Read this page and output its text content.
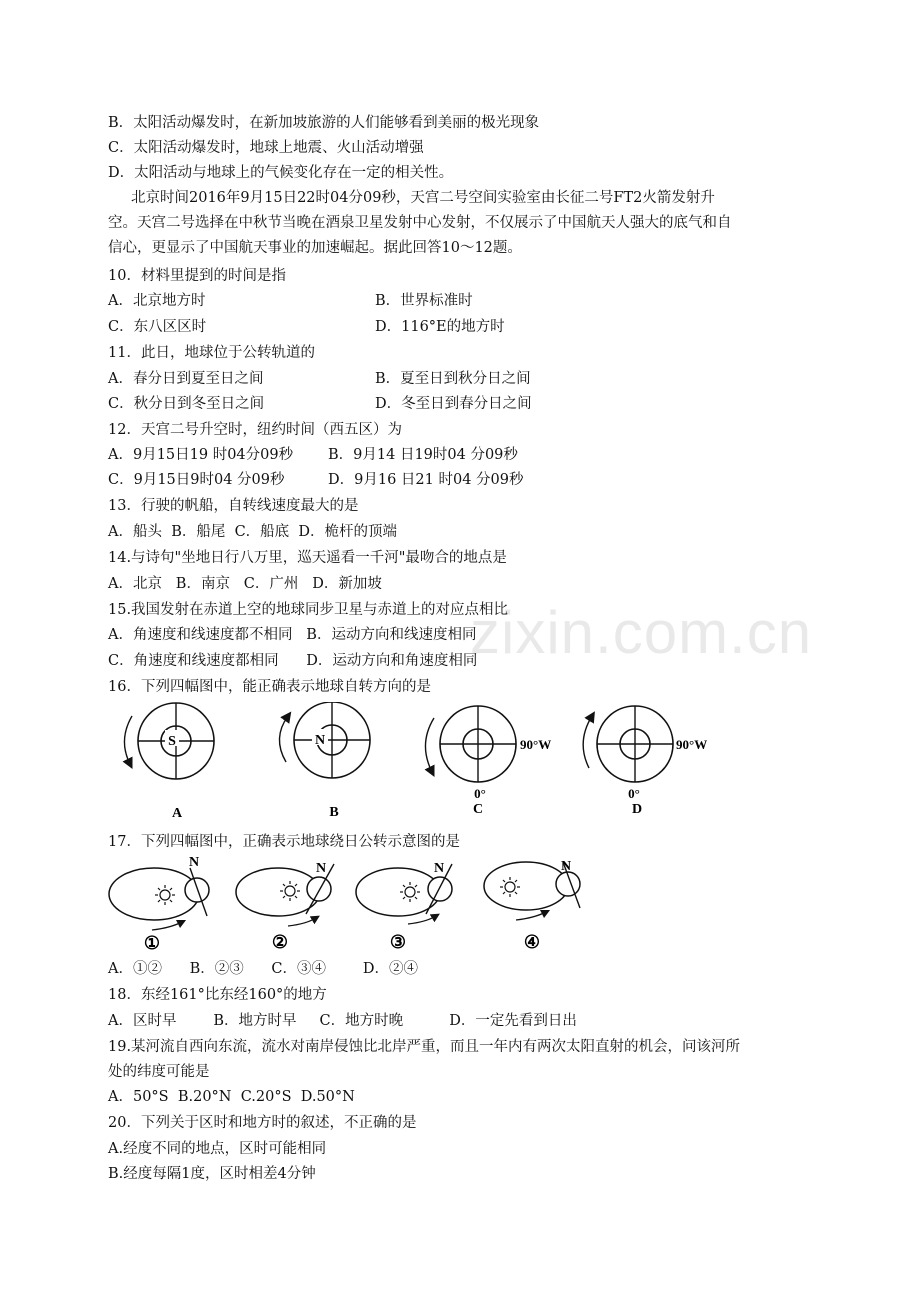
zixin.com.cn
B．太阳活动爆发时，在新加坡旅游的人们能够看到美丽的极光现象
C．太阳活动爆发时，地球上地震、火山活动增强
D．太阳活动与地球上的气候变化存在一定的相关性。
北京时间2016年9月15日22时04分09秒，天宫二号空间实验室由长征二号FT2火箭发射升
空。天宫二号选择在中秋节当晚在酒泉卫星发射中心发射，不仅展示了中国航天人强大的底气和自
信心，更显示了中国航天事业的加速崛起。据此回答10～12题。
10．材料里提到的时间是指
A．北京地方时	B．世界标准时
C．东八区区时	D．116°E的地方时
11．此日，地球位于公转轨道的
A．春分日到夏至日之间	B．夏至日到秋分日之间
C．秋分日到冬至日之间	D．冬至日到春分日之间
12．天宫二号升空时，纽约时间（西五区）为
A．9月15日19 时04分09秒 B．9月14 日19时04 分09秒
C．9月15日9时04 分09秒	D．9月16 日21 时04 分09秒
13．行驶的帆船，自转线速度最大的是
A．船头  B．船尾  C．船底  D．桅杆的顶端
14.与诗句"坐地日行八万里，巡天遥看一千河"最吻合的地点是
A．北京   B．南京   C．广州   D．新加坡
15.我国发射在赤道上空的地球同步卫星与赤道上的对应点相比
A．角速度和线速度都不相同   B．运动方向和线速度相同
C．角速度和线速度都相同      D．运动方向和角速度相同
16．下列四幅图中，能正确表示地球自转方向的是
S
A
N
B
90°W
0°
C
90°W
0°
D
17．下列四幅图中，正确表示地球绕日公转示意图的是
N
①
N
②
N
③
N
④
A．①②      B．②③      C．③④        D．②④
18．东经161°比东经160°的地方
A．区时早        B．地方时早     C．地方时晚          D．一定先看到日出
19.某河流自西向东流，流水对南岸侵蚀比北岸严重，而且一年内有两次太阳直射的机会，问该河所
处的纬度可能是
A．50°S  B.20°N  C.20°S  D.50°N
20．下列关于区时和地方时的叙述，不正确的是
A.经度不同的地点，区时可能相同
B.经度每隔1度，区时相差4分钟
